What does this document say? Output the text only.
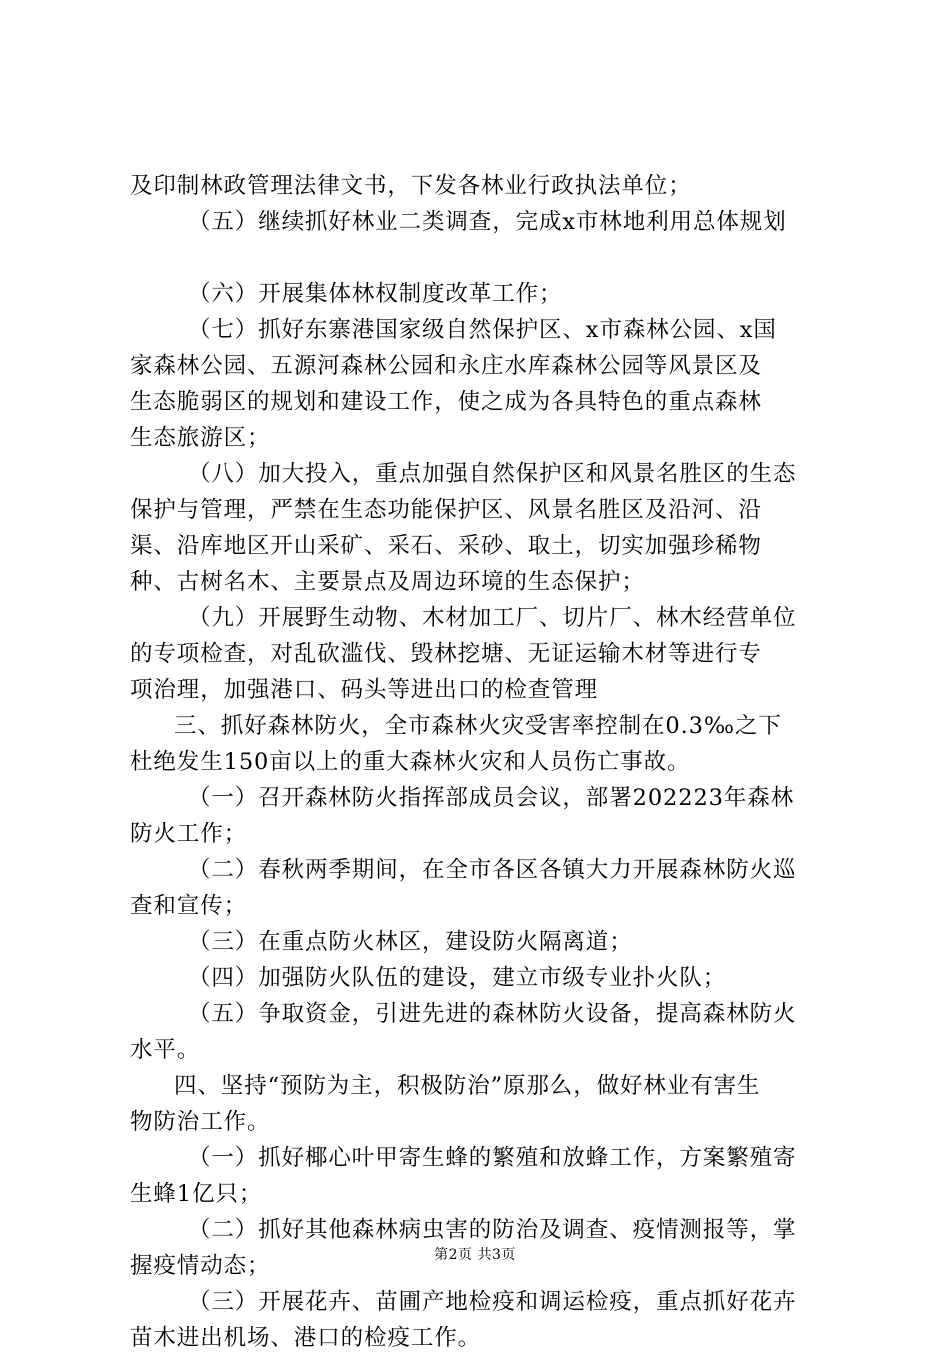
及印制林政管理法律文书，下发各林业行政执法单位；
（五）继续抓好林业二类调查，完成x市林地利用总体规划
（六）开展集体林权制度改革工作；
（七）抓好东寨港国家级自然保护区、x市森林公园、x国
家森林公园、五源河森林公园和永庄水库森林公园等风景区及
生态脆弱区的规划和建设工作，使之成为各具特色的重点森林
生态旅游区；
（八）加大投入，重点加强自然保护区和风景名胜区的生态
保护与管理，严禁在生态功能保护区、风景名胜区及沿河、沿
渠、沿库地区开山采矿、采石、采砂、取土，切实加强珍稀物
种、古树名木、主要景点及周边环境的生态保护；
（九）开展野生动物、木材加工厂、切片厂、林木经营单位
的专项检查，对乱砍滥伐、毁林挖塘、无证运输木材等进行专
项治理，加强港口、码头等进出口的检查管理
三、抓好森林防火，全市森林火灾受害率控制在0.3‰之下
杜绝发生150亩以上的重大森林火灾和人员伤亡事故。
（一）召开森林防火指挥部成员会议，部署202223年森林
防火工作；
（二）春秋两季期间，在全市各区各镇大力开展森林防火巡
查和宣传；
（三）在重点防火林区，建设防火隔离道；
（四）加强防火队伍的建设，建立市级专业扑火队；
（五）争取资金，引进先进的森林防火设备，提高森林防火
水平。
四、坚持“预防为主，积极防治”原那么，做好林业有害生
物防治工作。
（一）抓好椰心叶甲寄生蜂的繁殖和放蜂工作，方案繁殖寄
生蜂1亿只；
（二）抓好其他森林病虫害的防治及调查、疫情测报等，掌
握疫情动态；
（三）开展花卉、苗圃产地检疫和调运检疫，重点抓好花卉
苗木进出机场、港口的检疫工作。
第2页 共3页
